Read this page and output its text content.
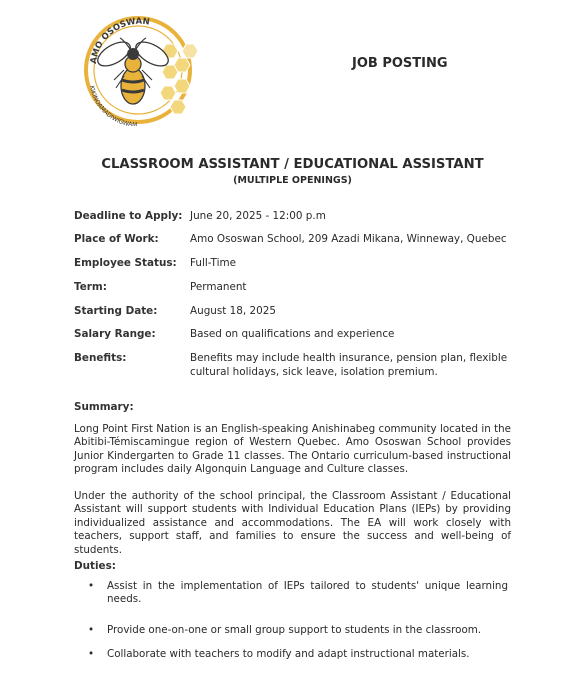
AMO OSOSWAN
KIKINOAMADIWIGWAM
JOB POSTING
CLASSROOM ASSISTANT / EDUCATIONAL ASSISTANT
(MULTIPLE OPENINGS)
Deadline to Apply: June 20, 2025 - 12:00 p.m
Place of Work:	Amo Ososwan School, 209 Azadi Mikana, Winneway, Quebec
Employee Status: Full-Time
Term:	Permanent
Starting Date:	August 18, 2025
Salary Range:	Based on qualifications and experience
Benefits:	Benefits may include health insurance, pension plan, flexible cultural holidays, sick leave, isolation premium.
Summary:
Long Point First Nation is an English-speaking Anishinabeg community located in the Abitibi-Témiscamingue region of Western Quebec. Amo Ososwan School provides Junior Kindergarten to Grade 11 classes. The Ontario curriculum-based instructional program includes daily Algonquin Language and Culture classes.
Under the authority of the school principal, the Classroom Assistant / Educational Assistant will support students with Individual Education Plans (IEPs) by providing individualized assistance and accommodations. The EA will work closely with teachers, support staff, and families to ensure the success and well-being of students.
Duties:
• Assist in the implementation of IEPs tailored to students' unique learning needs.
• Provide one-on-one or small group support to students in the classroom.
• Collaborate with teachers to modify and adapt instructional materials.
